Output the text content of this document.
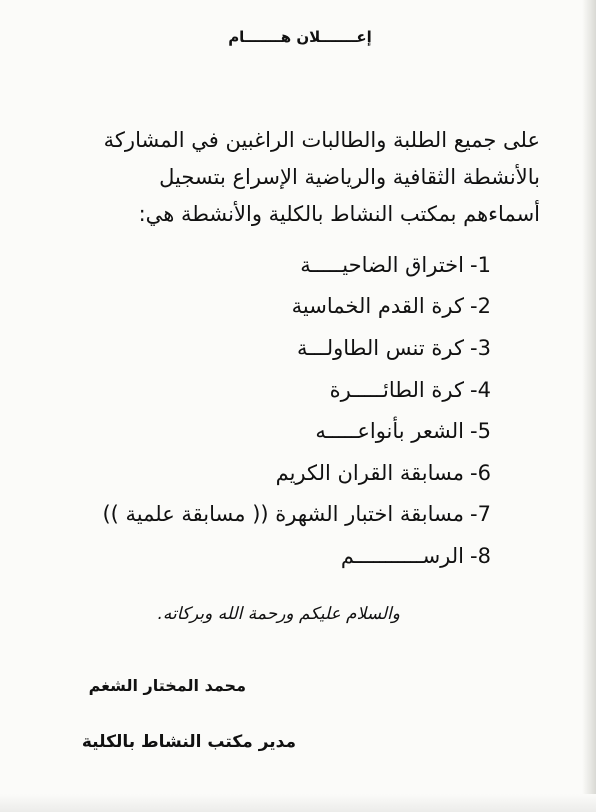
إعـــــــلان هـــــــام
على جميع الطلبة والطالبات الراغبين في المشاركة
بالأنشطة الثقافية والرياضية الإسراع بتسجيل
أسماءهم بمكتب النشاط بالكلية والأنشطة هي:
-1
اختراق الضاحيـــــة
-2
كرة القدم الخماسية
-3
كرة تنس الطاولـــة
-4
كرة الطائـــــرة
-5
الشعر بأنواعـــــه
-6
مسابقة القران الكريم
-7
مسابقة اختبار الشهرة (( مسابقة علمية ))
-8
الرســـــــــــم
والسلام عليكم ورحمة الله وبركاته.
محمد المختار الشغم
مدير مكتب النشاط بالكلية
